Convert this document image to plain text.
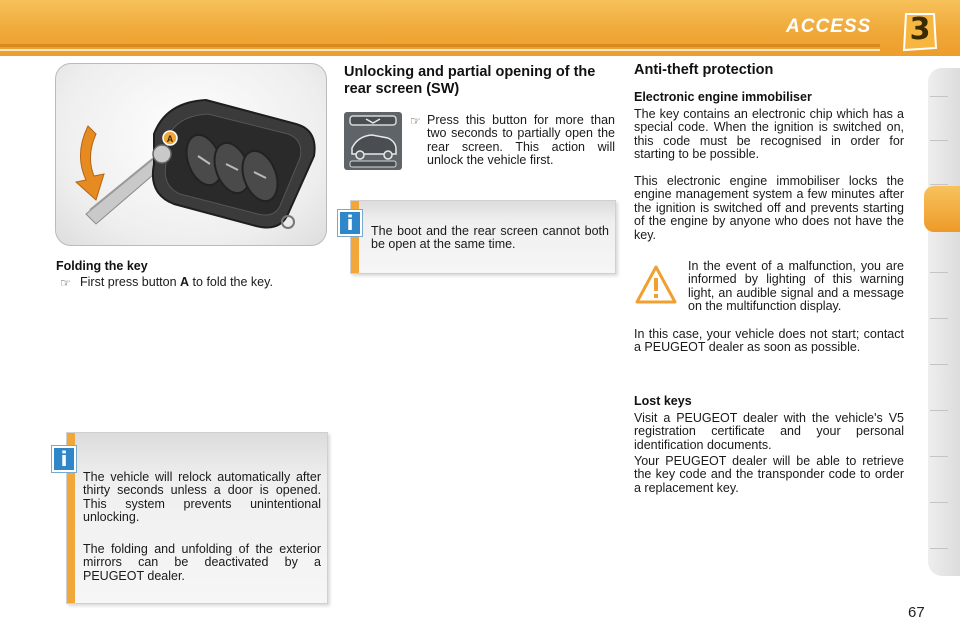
ACCESS	3
A
Folding the key
☞ First press button A to fold the key.
The vehicle will relock automatically after thirty seconds unless a door is opened. This system prevents unintentional unlocking.
The folding and unfolding of the exterior mirrors can be deactivated by a PEUGEOT dealer.
i
Unlocking and partial opening of the rear screen (SW)
☞ Press this button for more than two seconds to partially open the rear screen. This action will unlock the vehicle first.
The boot and the rear screen cannot both be open at the same time.
i
Anti-theft protection
Electronic engine immobiliser
The key contains an electronic chip which has a special code. When the ignition is switched on, this code must be recognised in order for starting to be possible.
This electronic engine immobiliser locks the engine management system a few minutes after the ignition is switched off and prevents starting of the engine by anyone who does not have the key.
In the event of a malfunction, you are informed by lighting of this warning light, an audible signal and a message on the multifunction display.
In this case, your vehicle does not start; contact a PEUGEOT dealer as soon as possible.
Lost keys
Visit a PEUGEOT dealer with the vehicle's V5 registration certificate and your personal identification documents.
Your PEUGEOT dealer will be able to retrieve the key code and the transponder code to order a replacement key.
67
